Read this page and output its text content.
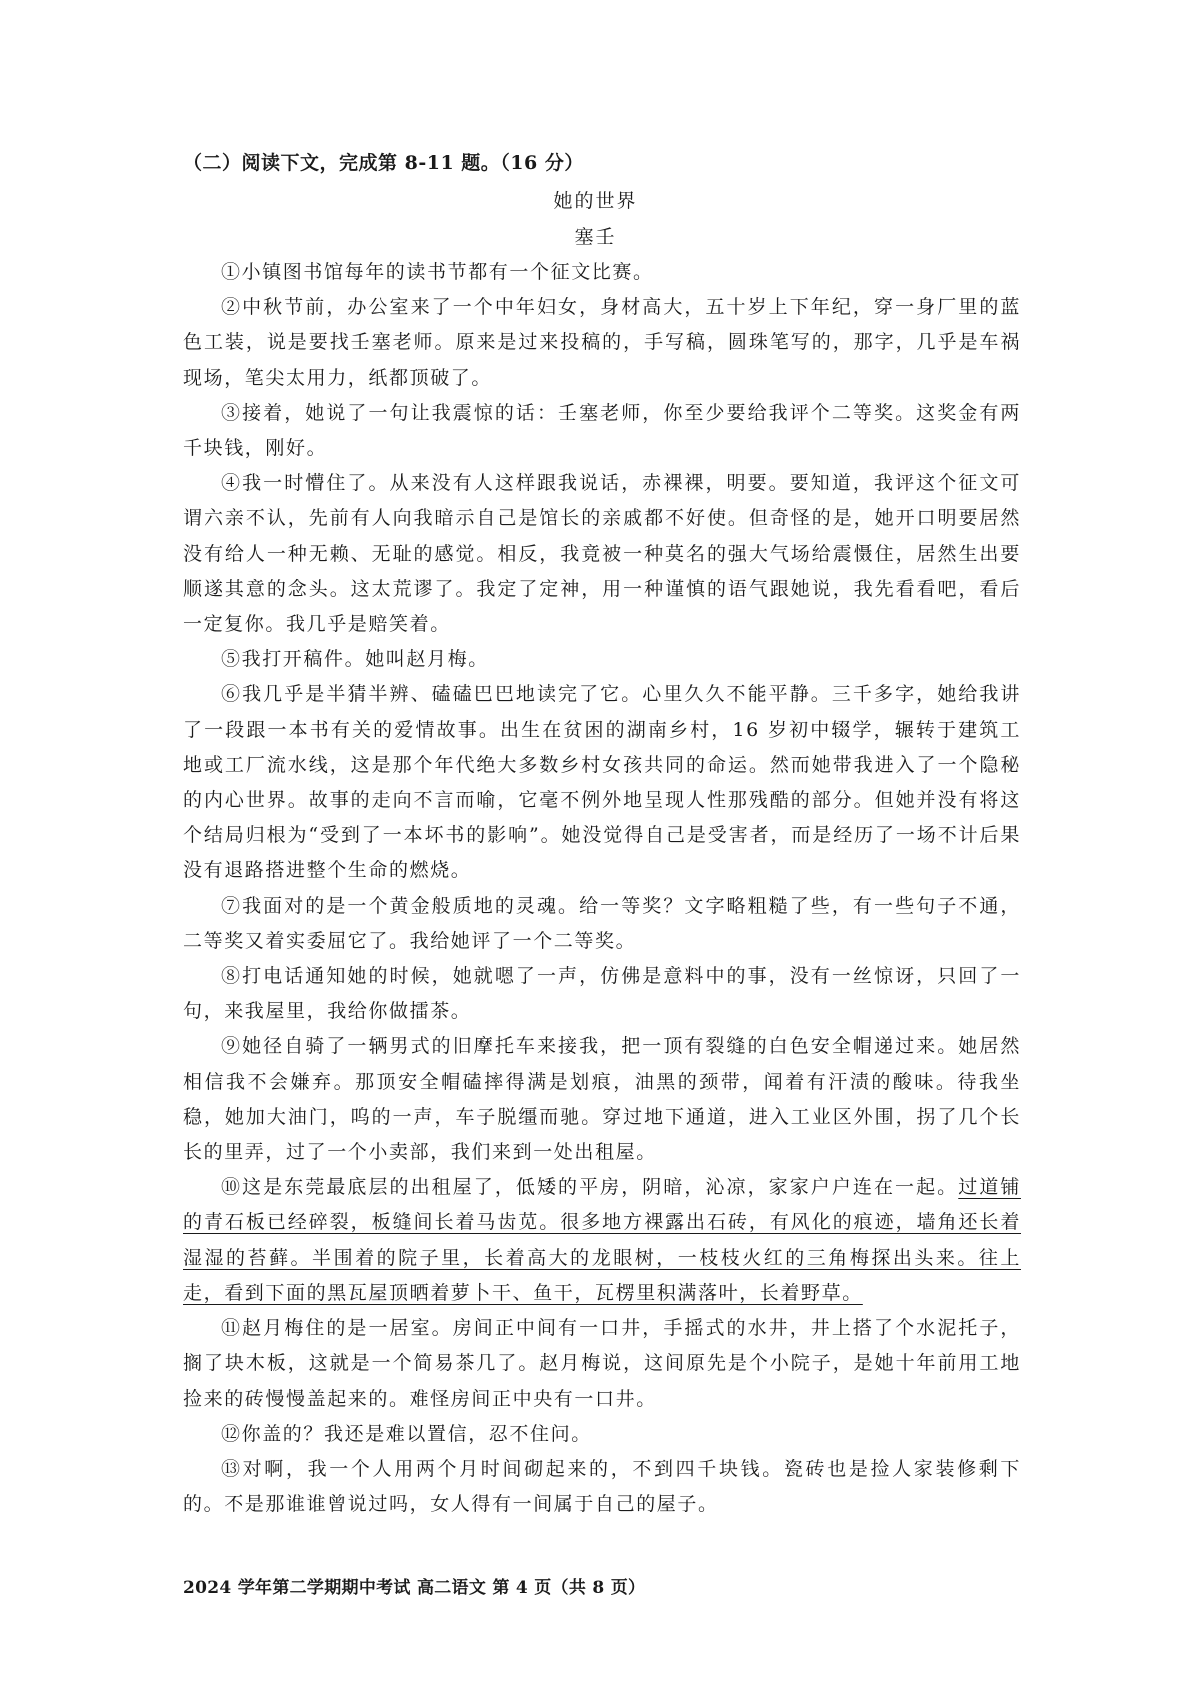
（二）阅读下文，完成第 8-11 题。（16 分）
她的世界
塞壬

①小镇图书馆每年的读书节都有一个征文比赛。

②中秋节前，办公室来了一个中年妇女，身材高大，五十岁上下年纪，穿一身厂里的蓝色工装，说是要找壬塞老师。原来是过来投稿的，手写稿，圆珠笔写的，那字，几乎是车祸现场，笔尖太用力，纸都顶破了。

③接着，她说了一句让我震惊的话：壬塞老师，你至少要给我评个二等奖。这奖金有两千块钱，刚好。

④我一时懵住了。从来没有人这样跟我说话，赤裸裸，明要。要知道，我评这个征文可谓六亲不认，先前有人向我暗示自己是馆长的亲戚都不好使。但奇怪的是，她开口明要居然没有给人一种无赖、无耻的感觉。相反，我竟被一种莫名的强大气场给震慑住，居然生出要顺遂其意的念头。这太荒谬了。我定了定神，用一种谨慎的语气跟她说，我先看看吧，看后一定复你。我几乎是赔笑着。

⑤我打开稿件。她叫赵月梅。

⑥我几乎是半猜半辨、磕磕巴巴地读完了它。心里久久不能平静。三千多字，她给我讲了一段跟一本书有关的爱情故事。出生在贫困的湖南乡村，16 岁初中辍学，辗转于建筑工地或工厂流水线，这是那个年代绝大多数乡村女孩共同的命运。然而她带我进入了一个隐秘的内心世界。故事的走向不言而喻，它毫不例外地呈现人性那残酷的部分。但她并没有将这个结局归根为“受到了一本坏书的影响”。她没觉得自己是受害者，而是经历了一场不计后果没有退路搭进整个生命的燃烧。

⑦我面对的是一个黄金般质地的灵魂。给一等奖？文字略粗糙了些，有一些句子不通，二等奖又着实委屈它了。我给她评了一个二等奖。

⑧打电话通知她的时候，她就嗯了一声，仿佛是意料中的事，没有一丝惊讶，只回了一句，来我屋里，我给你做擂茶。

⑨她径自骑了一辆男式的旧摩托车来接我，把一顶有裂缝的白色安全帽递过来。她居然相信我不会嫌弃。那顶安全帽磕摔得满是划痕，油黑的颈带，闻着有汗渍的酸味。待我坐稳，她加大油门，呜的一声，车子脱缰而驰。穿过地下通道，进入工业区外围，拐了几个长长的里弄，过了一个小卖部，我们来到一处出租屋。

⑩这是东莞最底层的出租屋了，低矮的平房，阴暗，沁凉，家家户户连在一起。过道铺的青石板已经碎裂，板缝间长着马齿苋。很多地方裸露出石砖，有风化的痕迹，墙角还长着湿湿的苔藓。半围着的院子里，长着高大的龙眼树，一枝枝火红的三角梅探出头来。往上走，看到下面的黑瓦屋顶晒着萝卜干、鱼干，瓦楞里积满落叶，长着野草。

⑪赵月梅住的是一居室。房间正中间有一口井，手摇式的水井，井上搭了个水泥托子，搁了块木板，这就是一个简易茶几了。赵月梅说，这间原先是个小院子，是她十年前用工地捡来的砖慢慢盖起来的。难怪房间正中央有一口井。

⑫你盖的？我还是难以置信，忍不住问。

⑬对啊，我一个人用两个月时间砌起来的，不到四千块钱。瓷砖也是捡人家装修剩下的。不是那谁谁曾说过吗，女人得有一间属于自己的屋子。

2024 学年第二学期期中考试 高二语文 第 4 页（共 8 页）
